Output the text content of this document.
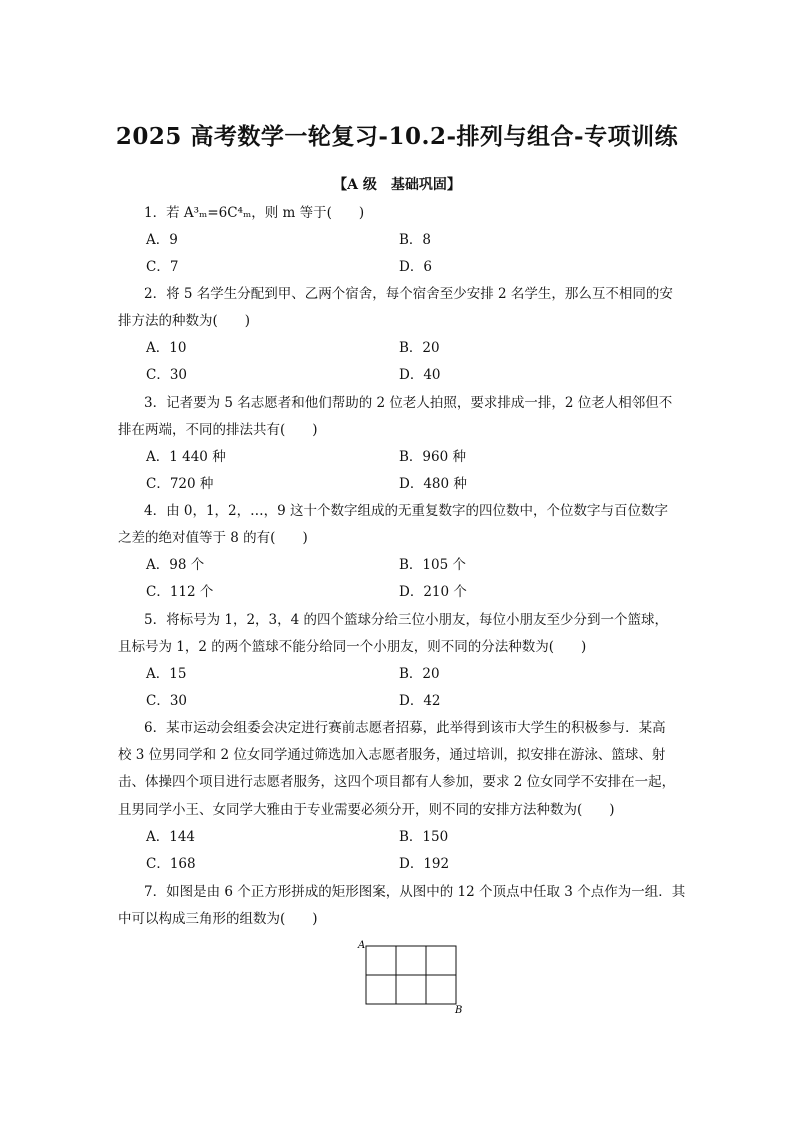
2025 高考数学一轮复习-10.2-排列与组合-专项训练
【A 级　基础巩固】
1．若 A³ₘ=6C⁴ₘ，则 m 等于(　　)
A．9	B．8
C．7	D．6
2．将 5 名学生分配到甲、乙两个宿舍，每个宿舍至少安排 2 名学生，那么互不相同的安
排方法的种数为(　　)
A．10	B．20
C．30	D．40
3．记者要为 5 名志愿者和他们帮助的 2 位老人拍照，要求排成一排，2 位老人相邻但不
排在两端，不同的排法共有(　　)
A．1 440 种	B．960 种
C．720 种	D．480 种
4．由 0，1，2，…，9 这十个数字组成的无重复数字的四位数中，个位数字与百位数字
之差的绝对值等于 8 的有(　　)
A．98 个	B．105 个
C．112 个	D．210 个
5．将标号为 1，2，3，4 的四个篮球分给三位小朋友，每位小朋友至少分到一个篮球，
且标号为 1，2 的两个篮球不能分给同一个小朋友，则不同的分法种数为(　　)
A．15	B．20
C．30	D．42
6．某市运动会组委会决定进行赛前志愿者招募，此举得到该市大学生的积极参与．某高
校 3 位男同学和 2 位女同学通过筛选加入志愿者服务，通过培训，拟安排在游泳、篮球、射
击、体操四个项目进行志愿者服务，这四个项目都有人参加，要求 2 位女同学不安排在一起，
且男同学小王、女同学大雅由于专业需要必须分开，则不同的安排方法种数为(　　)
A．144	B．150
C．168	D．192
7．如图是由 6 个正方形拼成的矩形图案，从图中的 12 个顶点中任取 3 个点作为一组．其
中可以构成三角形的组数为(　　)
A
B
